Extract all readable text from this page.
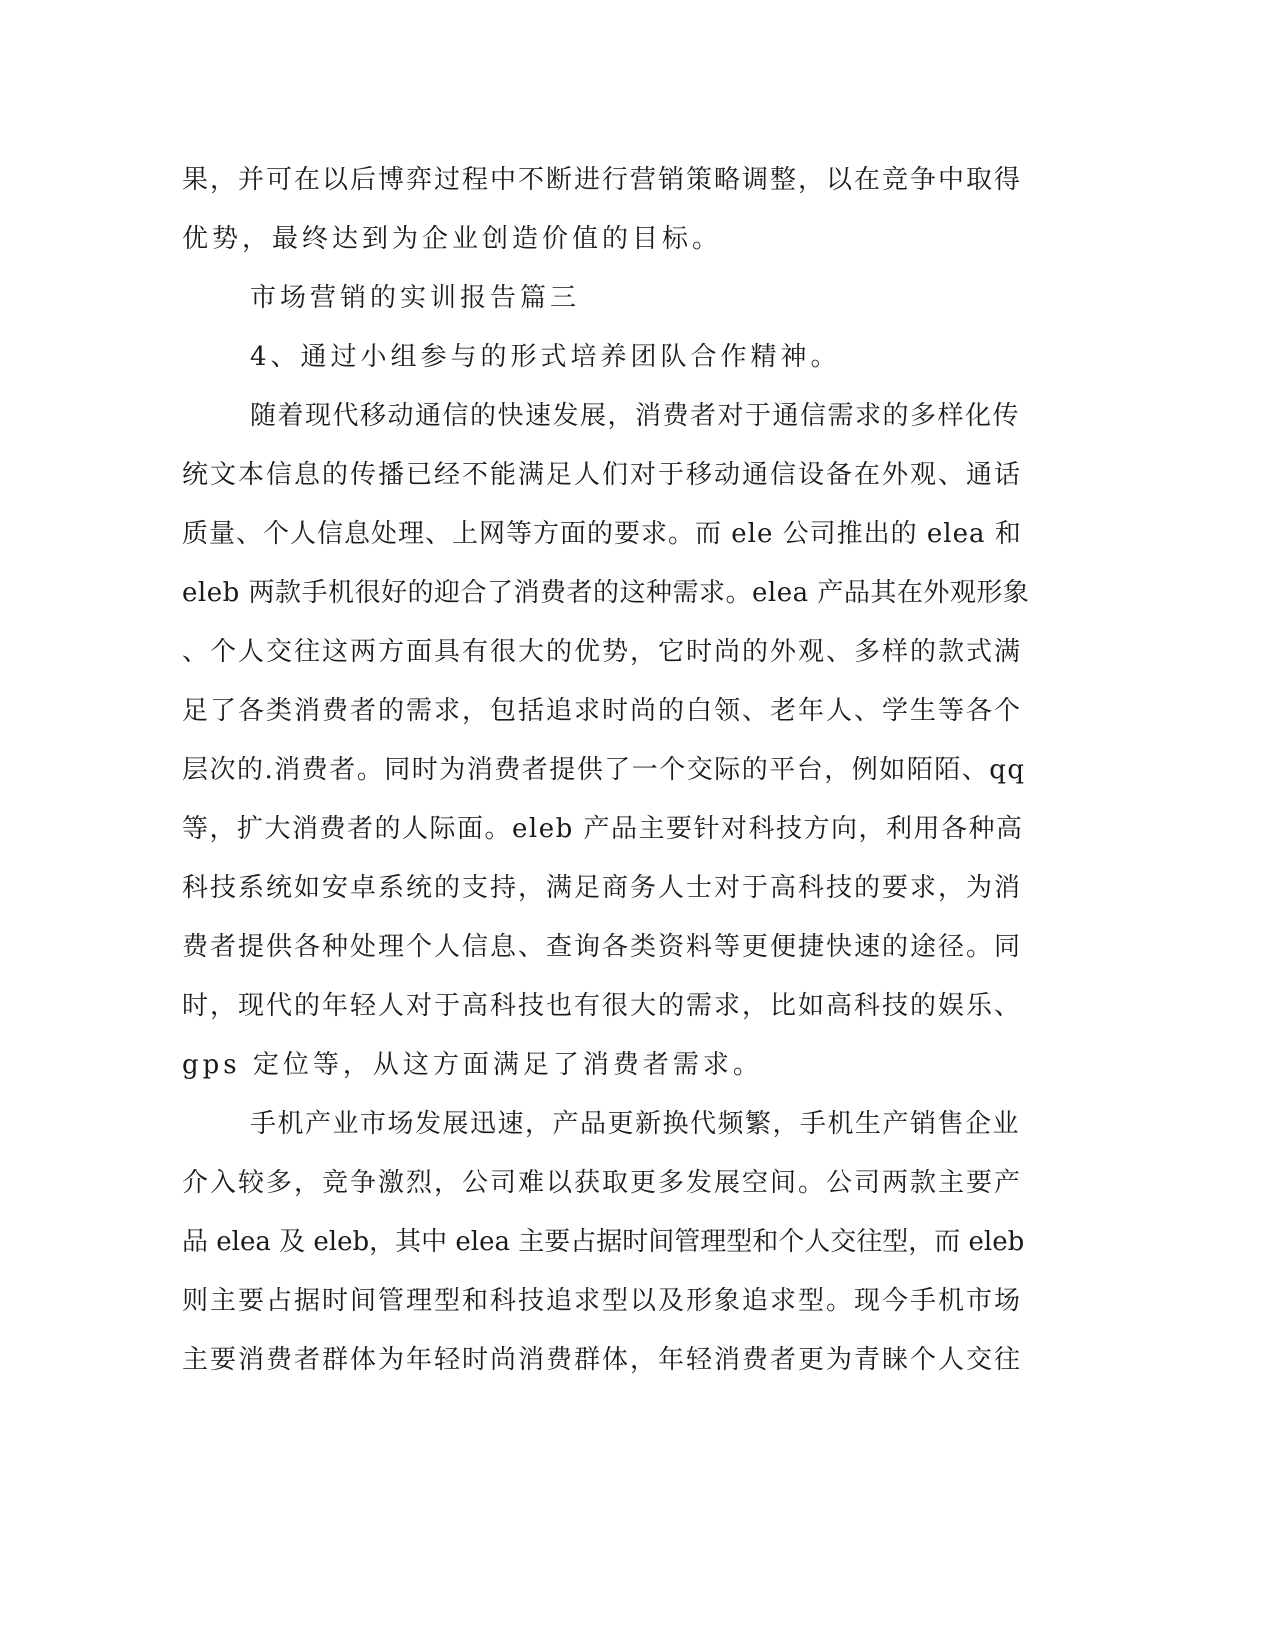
果，并可在以后博弈过程中不断进行营销策略调整，以在竞争中取得

优势，最终达到为企业创造价值的目标。

市场营销的实训报告篇三

4、通过小组参与的形式培养团队合作精神。

随着现代移动通信的快速发展，消费者对于通信需求的多样化传

统文本信息的传播已经不能满足人们对于移动通信设备在外观、通话

质量、个人信息处理、上网等方面的要求。而 ele 公司推出的 elea 和

eleb 两款手机很好的迎合了消费者的这种需求。elea 产品其在外观形象

、个人交往这两方面具有很大的优势，它时尚的外观、多样的款式满

足了各类消费者的需求，包括追求时尚的白领、老年人、学生等各个

层次的.消费者。同时为消费者提供了一个交际的平台，例如陌陌、qq

等，扩大消费者的人际面。eleb 产品主要针对科技方向，利用各种高

科技系统如安卓系统的支持，满足商务人士对于高科技的要求，为消

费者提供各种处理个人信息、查询各类资料等更便捷快速的途径。同

时，现代的年轻人对于高科技也有很大的需求，比如高科技的娱乐、

gps 定位等，从这方面满足了消费者需求。

手机产业市场发展迅速，产品更新换代频繁，手机生产销售企业

介入较多，竞争激烈，公司难以获取更多发展空间。公司两款主要产

品 elea 及 eleb，其中 elea 主要占据时间管理型和个人交往型，而 eleb

则主要占据时间管理型和科技追求型以及形象追求型。现今手机市场

主要消费者群体为年轻时尚消费群体，年轻消费者更为青睐个人交往
